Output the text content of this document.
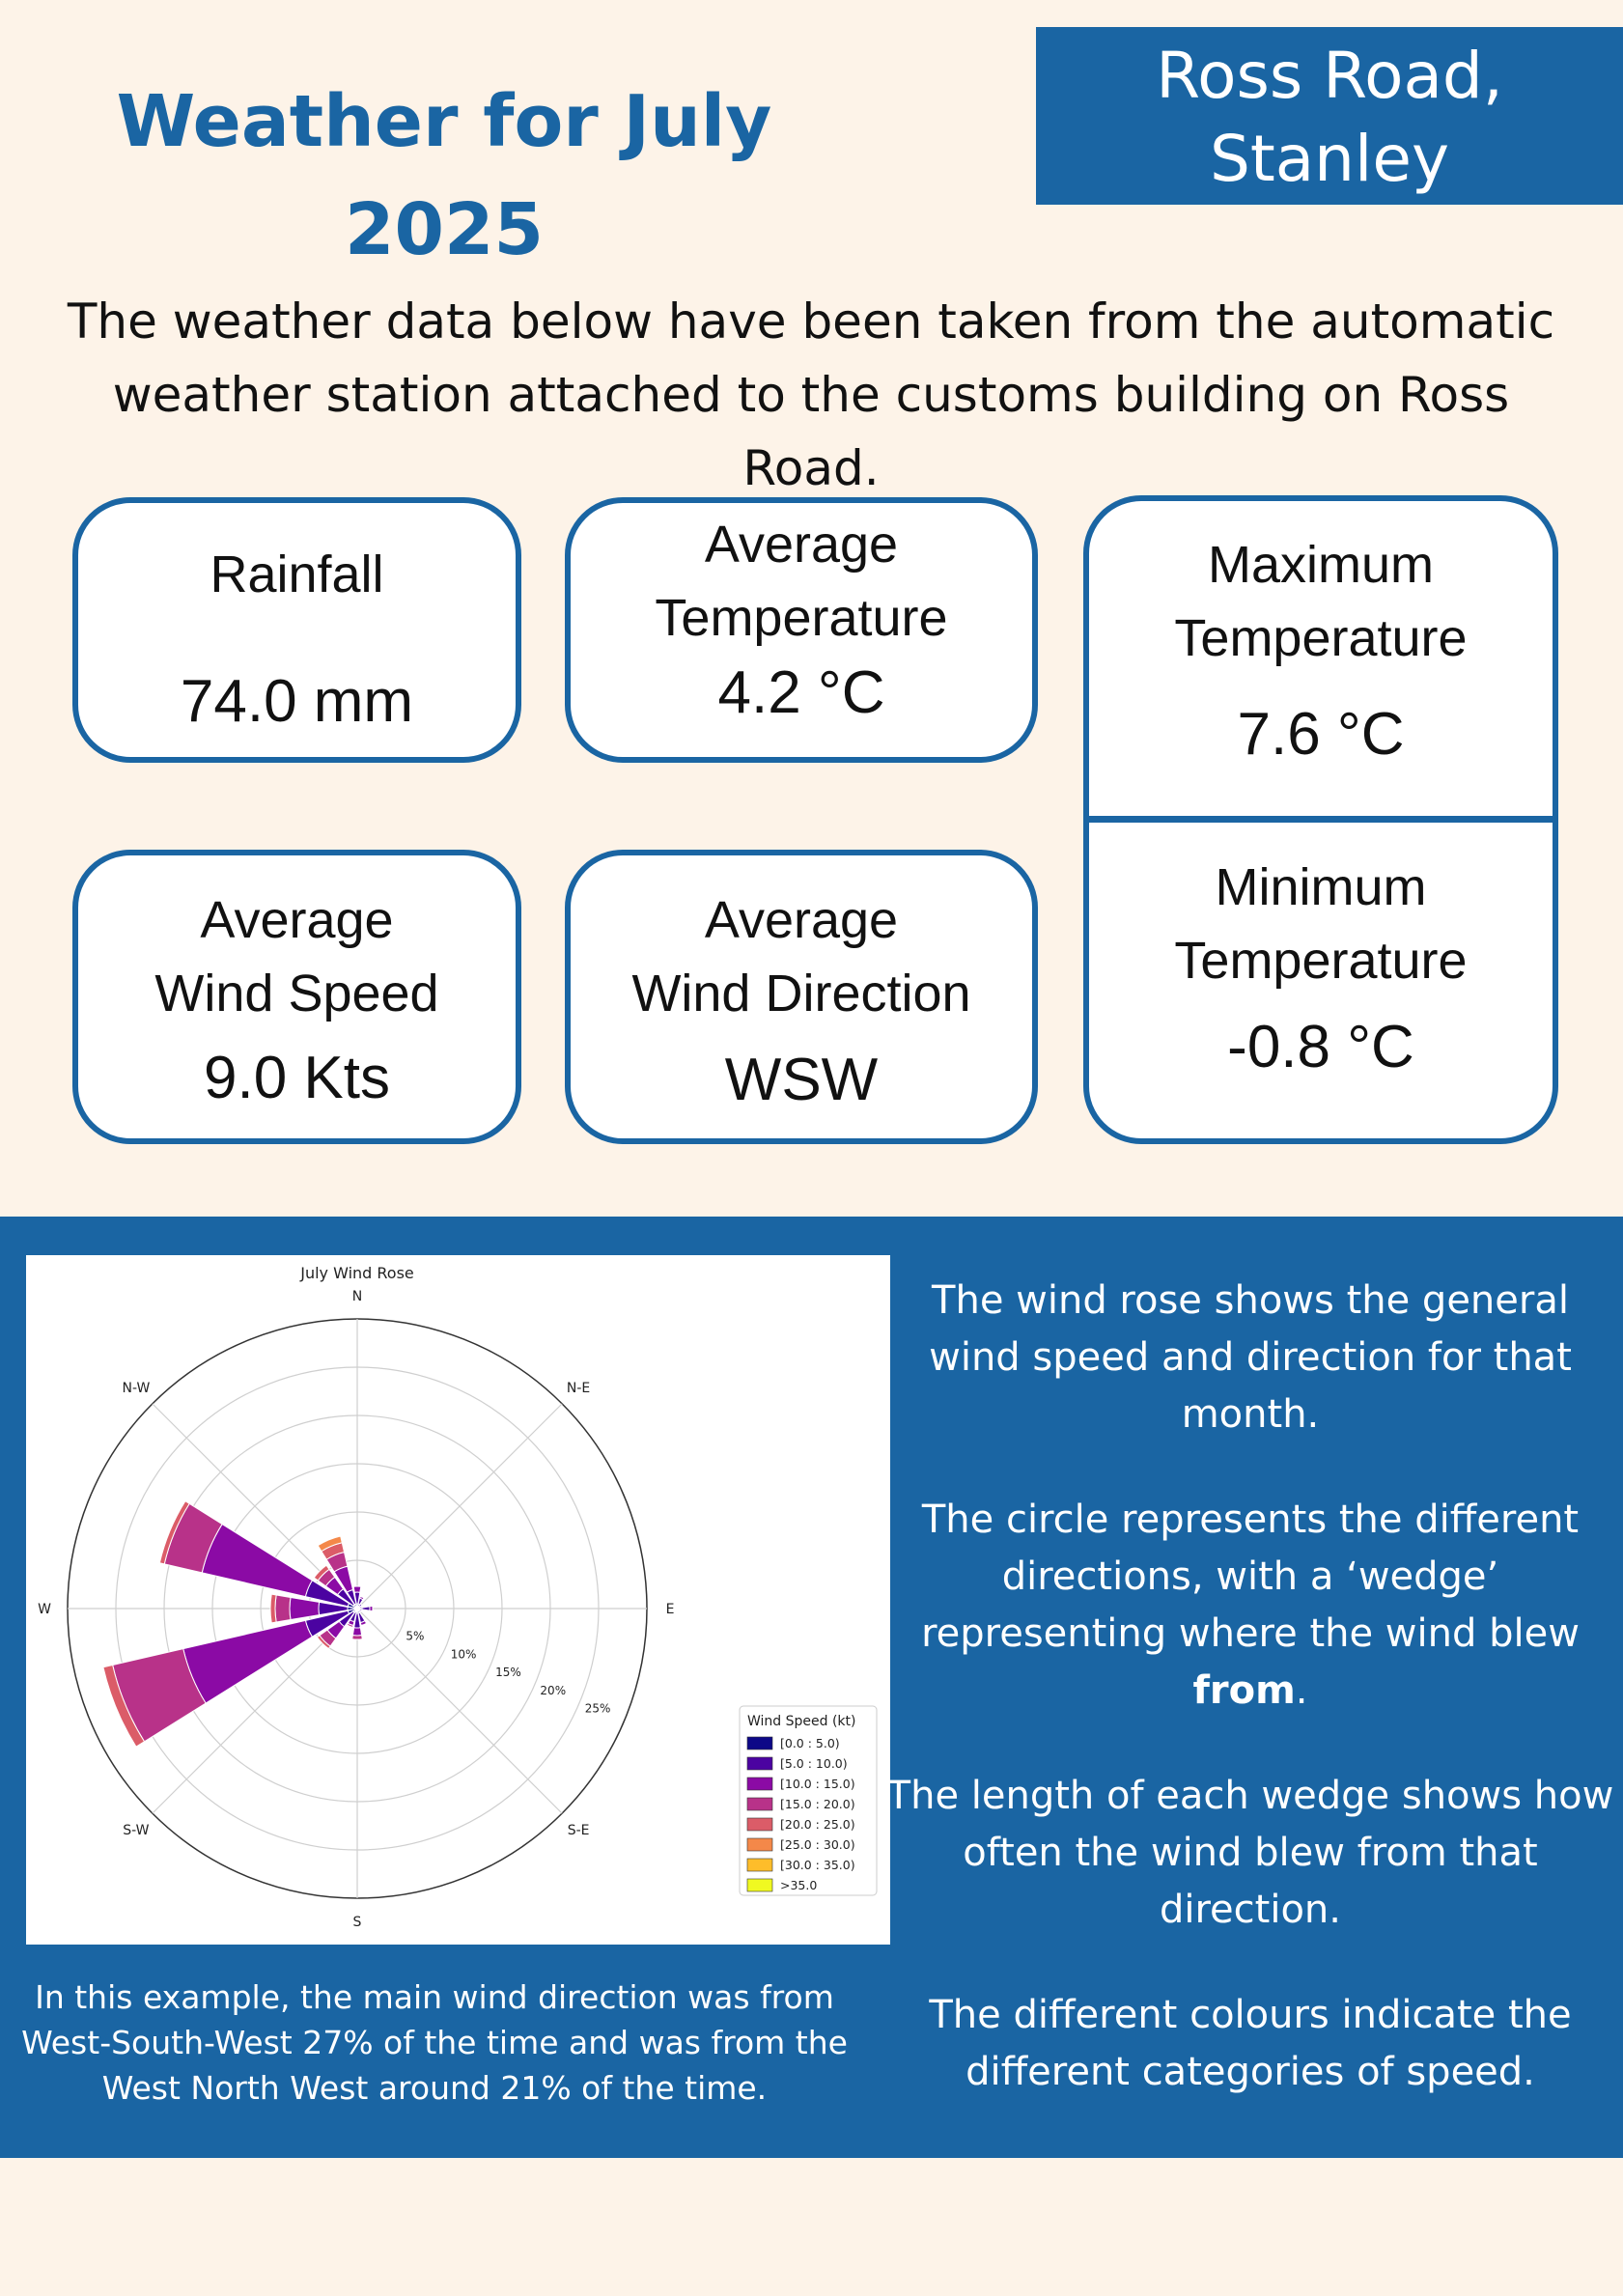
Weather for July
2025
Ross Road,
Stanley
The weather data below have been taken from the automatic
weather station attached to the customs building on Ross Road.
Rainfall
74.0 mm
Average
Temperature
4.2 °C
Maximum
Temperature
7.6 °C
Minimum
Temperature
-0.8 °C
Average
Wind Speed
9.0 Kts
Average
Wind Direction
WSW
July Wind Rose
N
N-E
E
S-E
S
S-W
W
N-W
5%
10%
15%
20%
25%
Wind Speed (kt)
[0.0 : 5.0)
[5.0 : 10.0)
[10.0 : 15.0)
[15.0 : 20.0)
[20.0 : 25.0)
[25.0 : 30.0)
[30.0 : 35.0)
>35.0
In this example, the main wind direction was from West-South-West 27% of the time and was from the West North West around 21% of the time.

The wind rose shows the general wind speed and direction for that month.

The circle represents the different directions, with a ‘wedge’ representing where the wind blew from.

The length of each wedge shows how often the wind blew from that direction.

The different colours indicate the different categories of speed.
